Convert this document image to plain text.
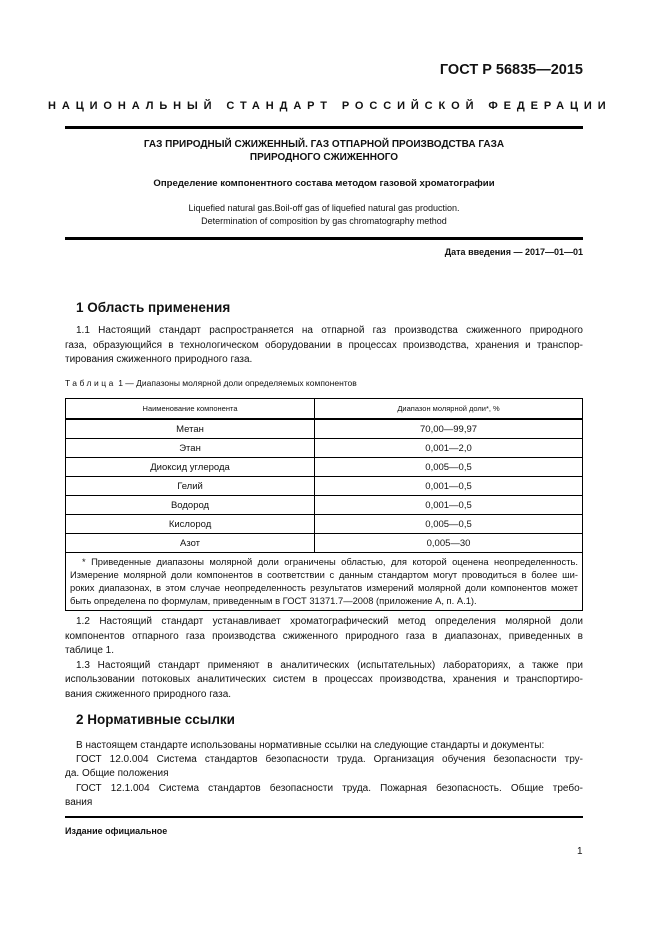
ГОСТ Р 56835—2015
НАЦИОНАЛЬНЫЙ СТАНДАРТ РОССИЙСКОЙ ФЕДЕРАЦИИ
ГАЗ ПРИРОДНЫЙ СЖИЖЕННЫЙ. ГАЗ ОТПАРНОЙ ПРОИЗВОДСТВА ГАЗА
ПРИРОДНОГО СЖИЖЕННОГО
Определение компонентного состава методом газовой хроматографии
Liquefied natural gas.Boil-off gas of liquefied natural gas production.
Determination of composition by gas chromatography method
Дата введения — 2017—01—01
1 Область применения
1.1 Настоящий стандарт распространяется на отпарной газ производства сжиженного природного
газа, образующийся в технологическом оборудовании в процессах производства, хранения и транспор-
тирования сжиженного природного газа.
Таблица 1 — Диапазоны молярной доли определяемых компонентов
Наименование компонента	Диапазон молярной доли*, %
Метан	70,00—99,97
Этан	0,001—2,0
Диоксид углерода	0,005—0,5
Гелий	0,001—0,5
Водород	0,001—0,5
Кислород	0,005—0,5
Азот	0,005—30

* Приведенные диапазоны молярной доли ограничены областью, для которой оценена неопределенность.
Измерение молярной доли компонентов в соответствии с данным стандартом могут проводиться в более ши-
роких диапазонах, в этом случае неопределенность результатов измерений молярной доли компонентов может
быть определена по формулам, приведенным в ГОСТ 31371.7—2008 (приложение А, п. А.1).	
1.2 Настоящий стандарт устанавливает хроматографический метод определения молярной доли
компонентов отпарного газа производства сжиженного природного газа в диапазонах, приведенных в
таблице 1.
1.3 Настоящий стандарт применяют в аналитических (испытательных) лабораториях, а также при
использовании потоковых аналитических систем в процессах производства, хранения и транспортиро-
вания сжиженного природного газа.
2 Нормативные ссылки
В настоящем стандарте использованы нормативные ссылки на следующие стандарты и документы:
ГОСТ 12.0.004 Система стандартов безопасности труда. Организация обучения безопасности тру-
да. Общие положения
ГОСТ 12.1.004 Система стандартов безопасности труда. Пожарная безопасность. Общие требо-
вания
Издание официальное
1
